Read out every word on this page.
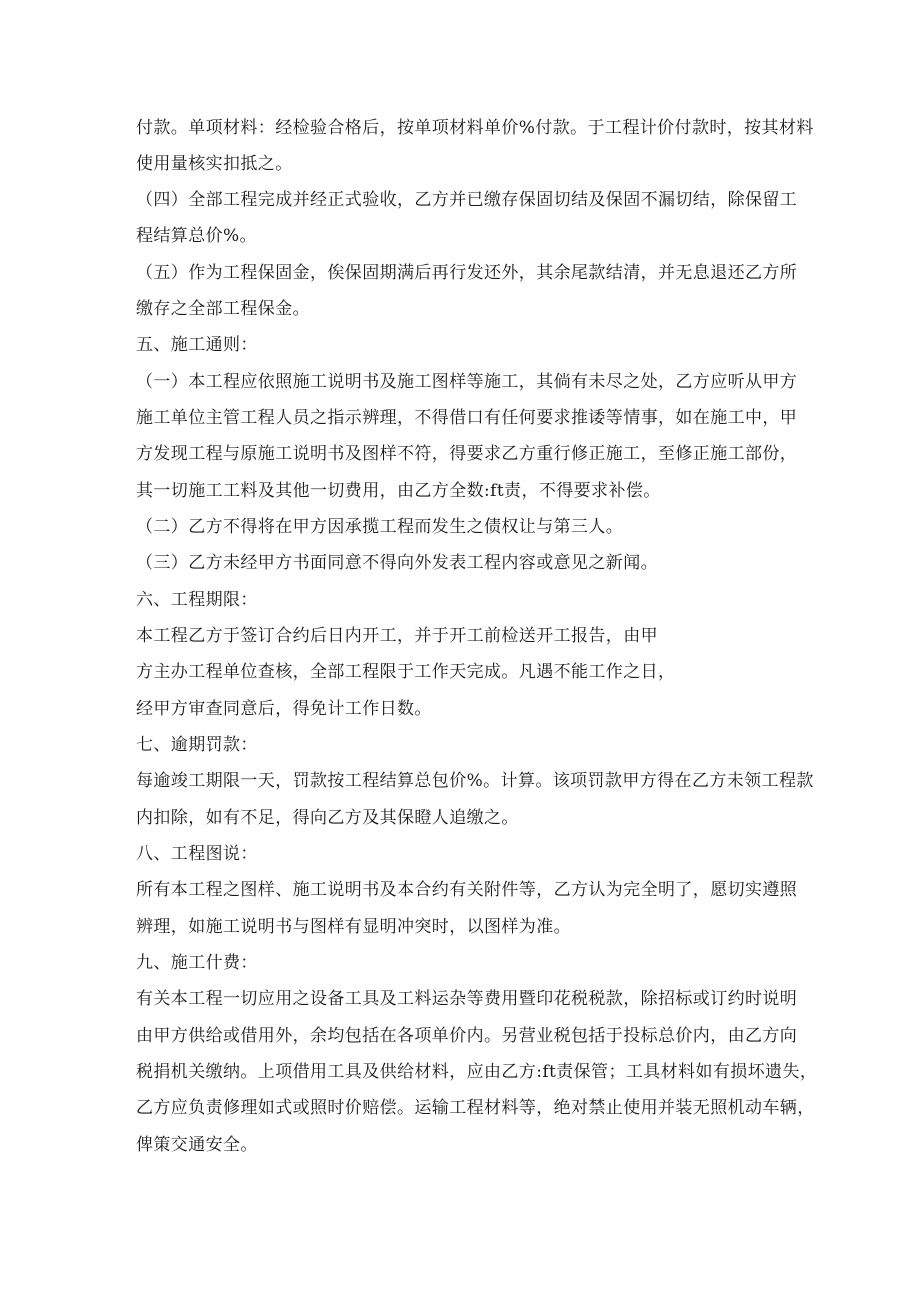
付款。单项材料：经检验合格后，按单项材料单价%付款。于工程计价付款时，按其材料
使用量核实扣抵之。
（四）全部工程完成并经正式验收，乙方并已缴存保固切结及保固不漏切结，除保留工
程结算总价%。
（五）作为工程保固金，俟保固期满后再行发还外，其余尾款结清，并无息退还乙方所
缴存之全部工程保金。
五、施工通则：
（一）本工程应依照施工说明书及施工图样等施工，其倘有未尽之处，乙方应听从甲方
施工单位主管工程人员之指示辨理，不得借口有任何要求推诿等情事，如在施工中，甲
方发现工程与原施工说明书及图样不符，得要求乙方重行修正施工，至修正施工部份，
其一切施工工料及其他一切费用，由乙方全数:ft责，不得要求补偿。
（二）乙方不得将在甲方因承揽工程而发生之债权让与第三人。
（三）乙方未经甲方书面同意不得向外发表工程内容或意见之新闻。
六、工程期限：
本工程乙方于签订合约后日内开工，并于开工前检送开工报告，由甲
方主办工程单位查核，全部工程限于工作天完成。凡遇不能工作之日，
经甲方审查同意后，得免计工作日数。
七、逾期罚款：
每逾竣工期限一天，罚款按工程结算总包价%。计算。该项罚款甲方得在乙方未领工程款
内扣除，如有不足，得向乙方及其保瞪人追缴之。
八、工程图说：
所有本工程之图样、施工说明书及本合约有关附件等，乙方认为完全明了，愿切实遵照
辨理，如施工说明书与图样有显明冲突时，以图样为准。
九、施工什费：
有关本工程一切应用之设备工具及工料运杂等费用暨印花税税款，除招标或订约时说明
由甲方供给或借用外，余均包括在各项单价内。另营业税包括于投标总价内，由乙方向
税捐机关缴纳。上项借用工具及供给材料，应由乙方:ft责保管；工具材料如有损坏遗失，
乙方应负责修理如式或照时价赔偿。运输工程材料等，绝对禁止使用并装无照机动车辆，
俾策交通安全。
